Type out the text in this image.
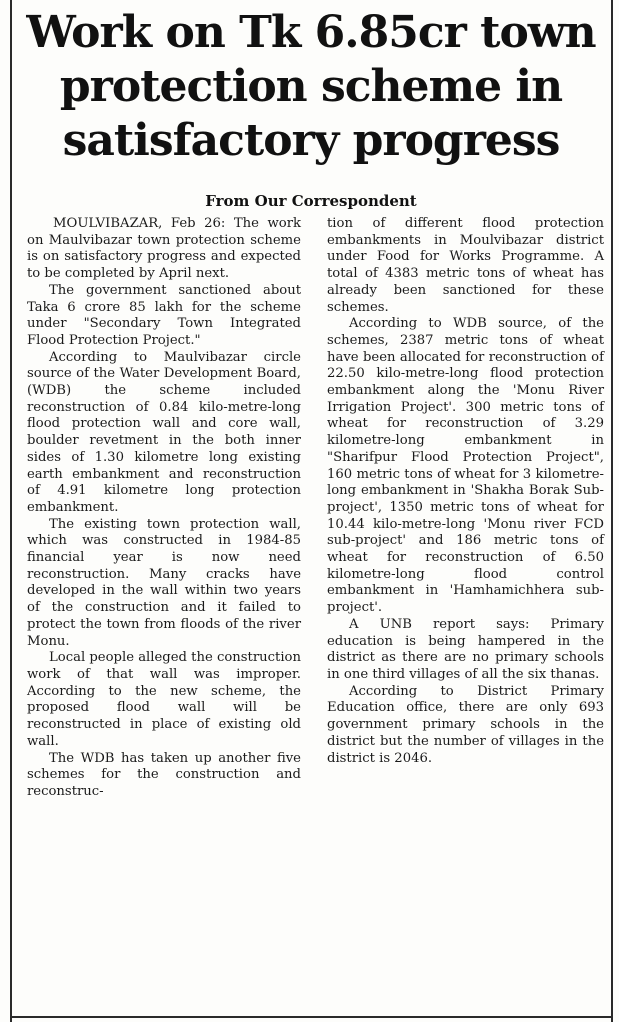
Work on Tk 6.85cr town protection scheme in satisfactory progress
From Our Correspondent

MOULVIBAZAR, Feb 26: The work on Maulvibazar town protection scheme is on satisfactory progress and expected to be completed by April next.

The government sanctioned about Taka 6 crore 85 lakh for the scheme under "Secondary Town Integrated Flood Protection Project."

According to Maulvibazar circle source of the Water Development Board, (WDB) the scheme included reconstruction of 0.84 kilo-metre-long flood protection wall and core wall, boulder revetment in the both inner sides of 1.30 kilometre long existing earth embankment and reconstruction of 4.91 kilometre long protection embankment.

The existing town protection wall, which was constructed in 1984-85 financial year is now need reconstruction. Many cracks have developed in the wall within two years of the construction and it failed to protect the town from floods of the river Monu.

Local people alleged the construction work of that wall was improper. According to the new scheme, the proposed flood wall will be reconstructed in place of existing old wall.

The WDB has taken up another five schemes for the construction and reconstruc-

tion of different flood protection embankments in Moulvibazar district under Food for Works Programme. A total of 4383 metric tons of wheat has already been sanctioned for these schemes.

According to WDB source, of the schemes, 2387 metric tons of wheat have been allocated for reconstruction of 22.50 kilo-metre-long flood protection embankment along the 'Monu River Irrigation Project'. 300 metric tons of wheat for reconstruction of 3.29 kilometre-long embankment in "Sharifpur Flood Protection Project", 160 metric tons of wheat for 3 kilometre-long embankment in 'Shakha Borak Sub-project', 1350 metric tons of wheat for 10.44 kilo-metre-long 'Monu river FCD sub-project' and 186 metric tons of wheat for reconstruction of 6.50 kilometre-long flood control embankment in 'Hamhamichhera sub-project'.

A UNB report says: Primary education is being hampered in the district as there are no primary schools in one third villages of all the six thanas.

According to District Primary Education office, there are only 693 government primary schools in the district but the number of villages in the district is 2046.
